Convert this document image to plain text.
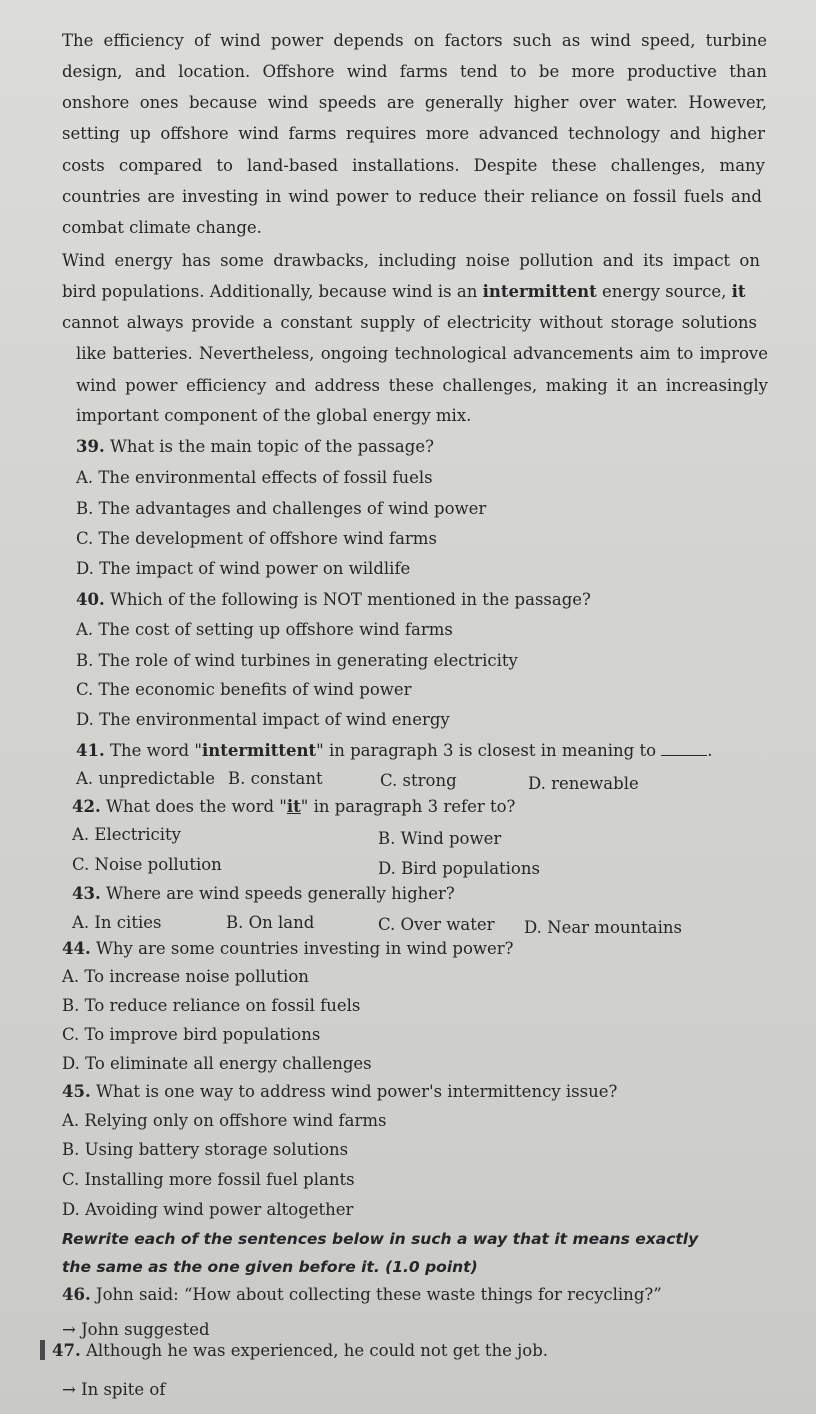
The efficiency of wind power depends on factors such as wind speed, turbine
design, and location. Offshore wind farms tend to be more productive than
onshore ones because wind speeds are generally higher over water. However,
setting up offshore wind farms requires more advanced technology and higher
costs compared to land-based installations. Despite these challenges, many
countries are investing in wind power to reduce their reliance on fossil fuels and
combat climate change.
Wind energy has some drawbacks, including noise pollution and its impact on
bird populations. Additionally, because wind is an intermittent energy source, it
cannot always provide a constant supply of electricity without storage solutions
like batteries. Nevertheless, ongoing technological advancements aim to improve
wind power efficiency and address these challenges, making it an increasingly
important component of the global energy mix.
39. What is the main topic of the passage?
A. The environmental effects of fossil fuels
B. The advantages and challenges of wind power
C. The development of offshore wind farms
D. The impact of wind power on wildlife
40. Which of the following is NOT mentioned in the passage?
A. The cost of setting up offshore wind farms
B. The role of wind turbines in generating electricity
C. The economic benefits of wind power
D. The environmental impact of wind energy
41. The word "intermittent" in paragraph 3 is closest in meaning to	.
A. unpredictable B. constant	C. strong	D. renewable
42. What does the word "it" in paragraph 3 refer to?
A. Electricity	B. Wind power
C. Noise pollution	D. Bird populations
43. Where are wind speeds generally higher?
A. In cities	B. On land	C. Over water D. Near mountains
44. Why are some countries investing in wind power?
A. To increase noise pollution
B. To reduce reliance on fossil fuels
C. To improve bird populations
D. To eliminate all energy challenges
45. What is one way to address wind power's intermittency issue?
A. Relying only on offshore wind farms
B. Using battery storage solutions
C. Installing more fossil fuel plants
D. Avoiding wind power altogether
Rewrite each of the sentences below in such a way that it means exactly
the same as the one given before it. (1.0 point)
46. John said: “How about collecting these waste things for recycling?”
→ John suggested
47. Although he was experienced, he could not get the job.
→ In spite of
